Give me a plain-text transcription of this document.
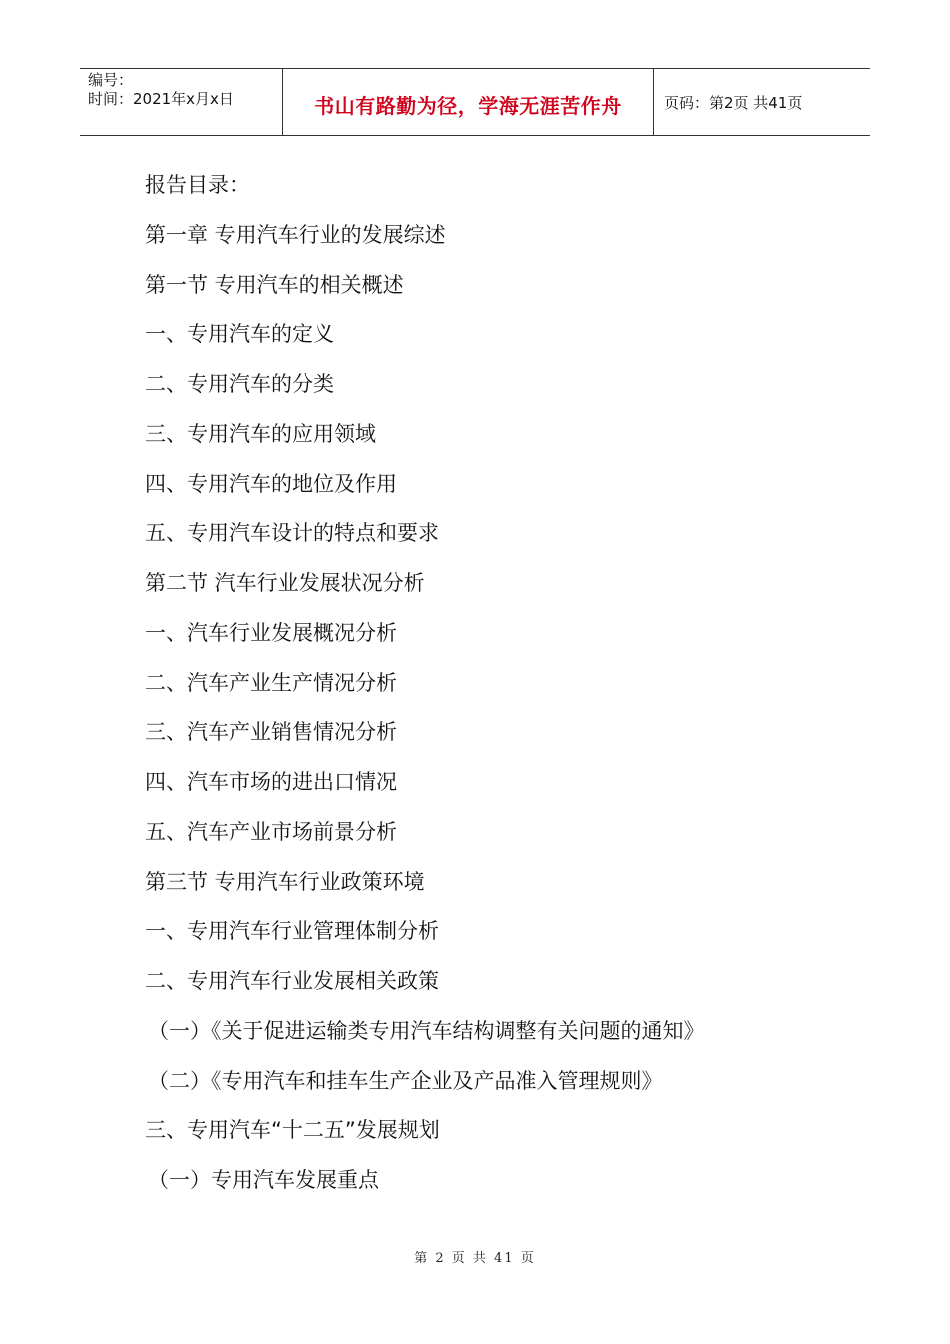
编号：
时间：2021年x月x日	书山有路勤为径，学海无涯苦作舟	页码：第2页 共41页
报告目录：
第一章 专用汽车行业的发展综述
第一节 专用汽车的相关概述
一、专用汽车的定义
二、专用汽车的分类
三、专用汽车的应用领域
四、专用汽车的地位及作用
五、专用汽车设计的特点和要求
第二节 汽车行业发展状况分析
一、汽车行业发展概况分析
二、汽车产业生产情况分析
三、汽车产业销售情况分析
四、汽车市场的进出口情况
五、汽车产业市场前景分析
第三节 专用汽车行业政策环境
一、专用汽车行业管理体制分析
二、专用汽车行业发展相关政策
（一）《关于促进运输类专用汽车结构调整有关问题的通知》
（二）《专用汽车和挂车生产企业及产品准入管理规则》
三、专用汽车“十二五”发展规划
（一）专用汽车发展重点
第 2 页 共 41 页
